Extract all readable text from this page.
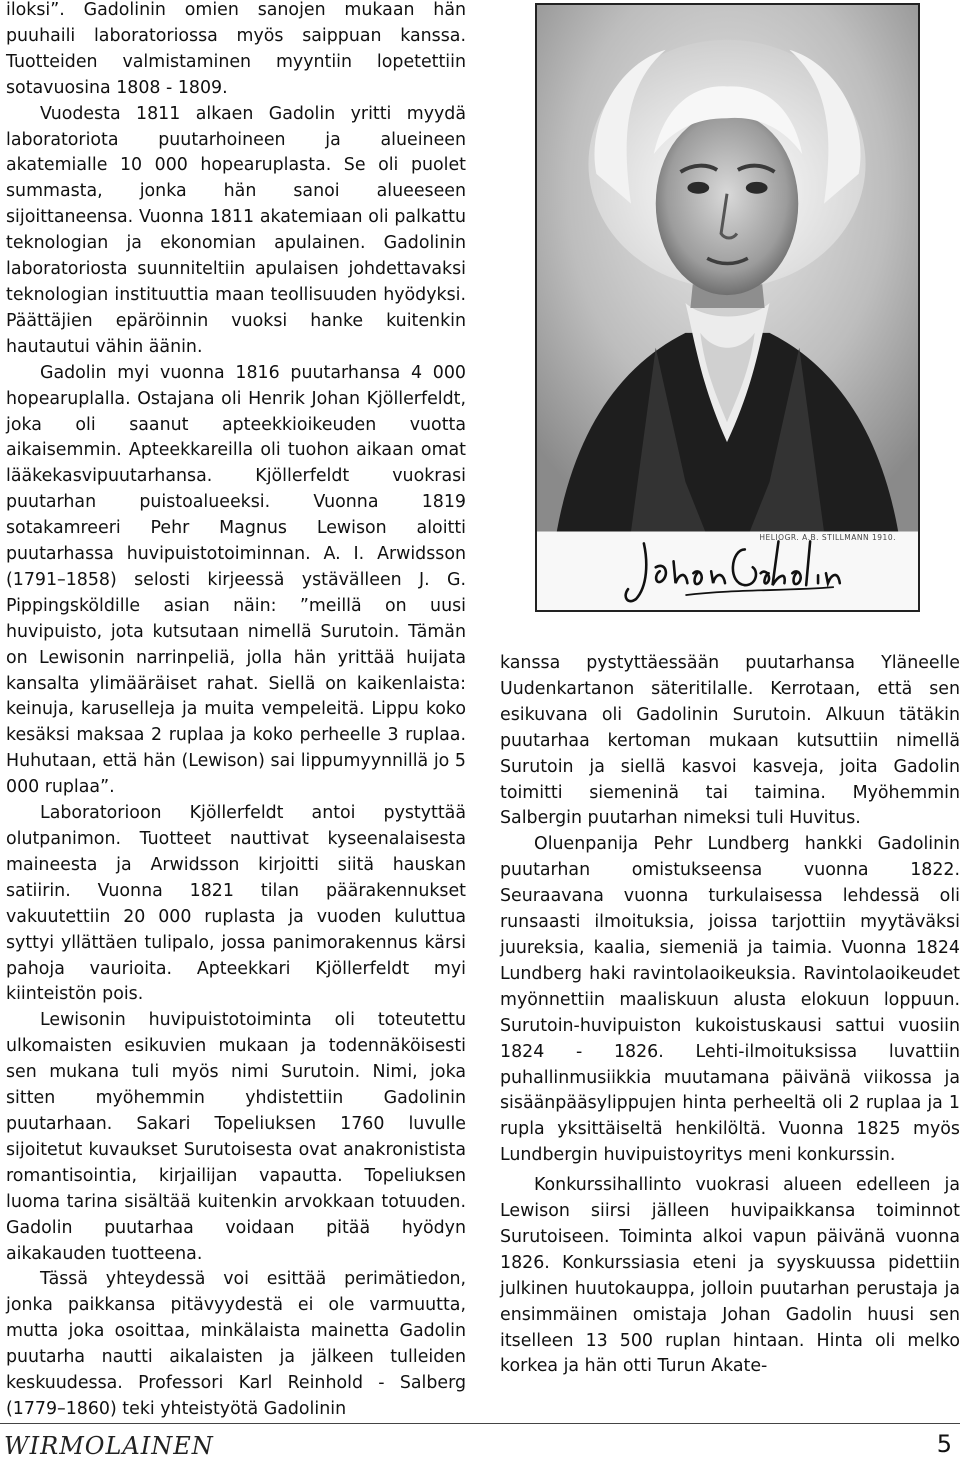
iloksi”. Gadolinin omien sanojen mukaan hän puuhaili laboratoriossa myös saippuan kanssa. Tuotteiden valmistaminen myyntiin lopetettiin sotavuosina 1808 - 1809.

Vuodesta 1811 alkaen Gadolin yritti myydä laboratoriota puutarhoineen ja alueineen akatemialle 10 000 hopearuplasta. Se oli puolet summasta, jonka hän sanoi alueeseen sijoittaneensa. Vuonna 1811 akatemiaan oli palkattu teknologian ja ekonomian apulainen. Gadolinin laboratoriosta suunniteltiin apulaisen johdettavaksi teknologian instituuttia maan teollisuuden hyödyksi. Päättäjien epäröinnin vuoksi hanke kuitenkin hautautui vähin äänin.

Gadolin myi vuonna 1816 puutarhansa 4 000 hopearuplalla. Ostajana oli Henrik Johan Kjöllerfeldt, joka oli saanut apteekkioikeuden vuotta aikaisemmin. Apteekkareilla oli tuohon aikaan omat lääkekasvipuutarhansa. Kjöllerfeldt vuokrasi puutarhan puistoalueeksi. Vuonna 1819 sotakamreeri Pehr Magnus Lewison aloitti puutarhassa huvipuistotoiminnan. A. I. Arwidsson (1791–1858) selosti kirjeessä ystävälleen J. G. Pippingsköldille asian näin: ”meillä on uusi huvipuisto, jota kutsutaan nimellä Surutoin. Tämän on Lewisonin narrinpeliä, jolla hän yrittää huijata kansalta ylimääräiset rahat. Siellä on kaikenlaista: keinuja, karuselleja ja muita vempeleitä. Lippu koko kesäksi maksaa 2 ruplaa ja koko perheelle 3 ruplaa. Huhutaan, että hän (Lewison) sai lippumyynnillä jo 5 000 ruplaa”.

Laboratorioon Kjöllerfeldt antoi pystyttää olutpanimon. Tuotteet nauttivat kyseenalaisesta maineesta ja Arwidsson kirjoitti siitä hauskan satiirin. Vuonna 1821 tilan päärakennukset vakuutettiin 20 000 ruplasta ja vuoden kuluttua syttyi yllättäen tulipalo, jossa panimorakennus kärsi pahoja vaurioita. Apteekkari Kjöllerfeldt myi kiinteistön pois.

Lewisonin huvipuistotoiminta oli toteutettu ulkomaisten esikuvien mukaan ja todennäköisesti sen mukana tuli myös nimi Surutoin. Nimi, joka sitten myöhemmin yhdistettiin Gadolinin puutarhaan. Sakari Topeliuksen 1760 luvulle sijoitetut kuvaukset Surutoisesta ovat anakronistista romantisointia, kirjailijan vapautta. Topeliuksen luoma tarina sisältää kuitenkin arvokkaan totuuden. Gadolin puutarhaa voidaan pitää hyödyn aikakauden tuotteena.

Tässä yhteydessä voi esittää perimätiedon, jonka paikkansa pitävyydestä ei ole varmuutta, mutta joka osoittaa, minkälaista mainetta Gadolin puutarha nautti aikalaisten ja jälkeen tulleiden keskuudessa. Professori Karl Reinhold - Salberg (1779–1860) teki yhteistyötä Gadolinin

HELIOGR. A.B. STILLMANN 1910.

kanssa pystyttäessään puutarhansa Yläneelle Uudenkartanon säteritilalle. Kerrotaan, että sen esikuvana oli Gadolinin Surutoin. Alkuun tätäkin puutarhaa kertoman mukaan kutsuttiin nimellä Surutoin ja siellä kasvoi kasveja, joita Gadolin toimitti siemeninä tai taimina. Myöhemmin Salbergin puutarhan nimeksi tuli Huvitus.

Oluenpanija Pehr Lundberg hankki Gadolinin puutarhan omistukseensa vuonna 1822. Seuraavana vuonna turkulaisessa lehdessä oli runsaasti ilmoituksia, joissa tarjottiin myytäväksi juureksia, kaalia, siemeniä ja taimia. Vuonna 1824 Lundberg haki ravintolaoikeuksia. Ravintolaoikeudet myönnettiin maaliskuun alusta elokuun loppuun. Surutoin-huvipuiston kukoistuskausi sattui vuosiin 1824 - 1826. Lehti-ilmoituksissa luvattiin puhallinmusiikkia muutamana päivänä viikossa ja sisäänpääsylippujen hinta perheeltä oli 2 ruplaa ja 1 rupla yksittäiseltä henkilöltä. Vuonna 1825 myös Lundbergin huvipuistoyritys meni konkurssin.

Konkurssihallinto vuokrasi alueen edelleen ja Lewison siirsi jälleen huvipaikkansa toiminnot Surutoiseen. Toiminta alkoi vapun päivänä vuonna 1826. Konkurssiasia eteni ja syyskuussa pidettiin julkinen huutokauppa, jolloin puutarhan perustaja ja ensimmäinen omistaja Johan Gadolin huusi sen itselleen 13 500 ruplan hintaan. Hinta oli melko korkea ja hän otti Turun Akate-

WIRMOLAINEN	5
